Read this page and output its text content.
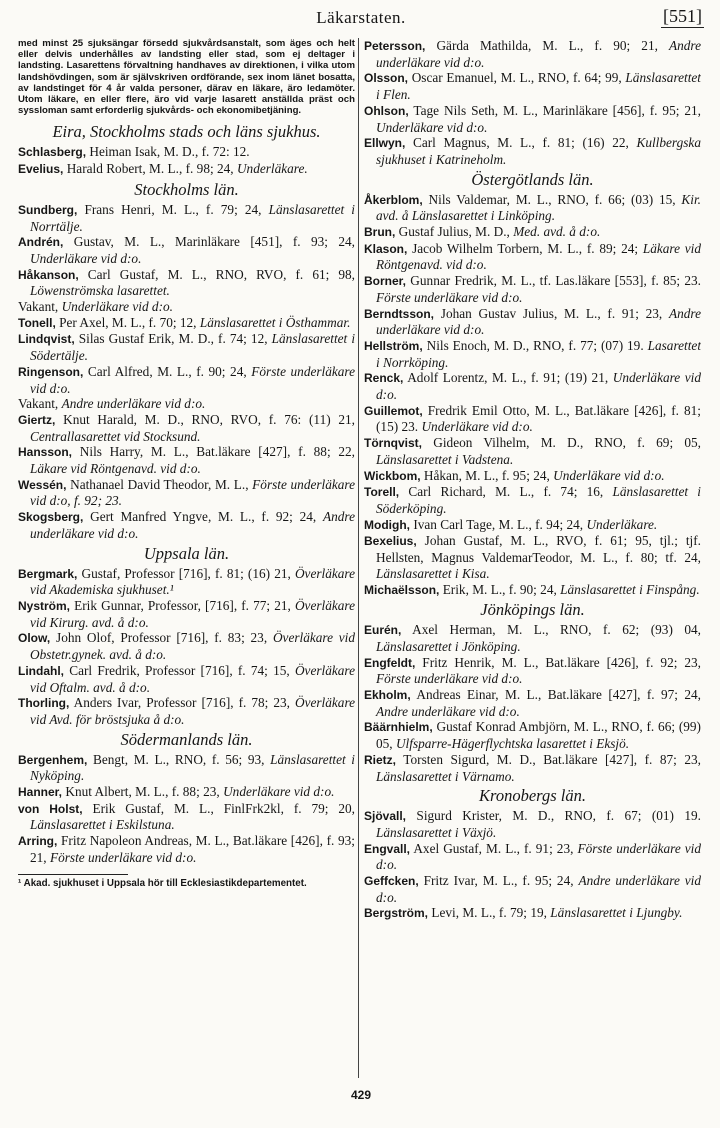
Läkarstaten.	[551]

med minst 25 sjuksängar försedd sjukvårdsanstalt, som äges och helt eller delvis underhålles av landsting eller stad, som ej deltager i landsting. Lasarettens förvaltning handhaves av direktionen, i vilka utom landshövdingen, som är självskriven ordförande, sex inom länet bosatta, av landstinget för 4 år valda personer, därav en läkare, äro ledamöter. Utom läkare, en eller flere, äro vid varje lasarett anställda präst och syssloman samt erforderlig sjukvårds- och ekonomibetjäning.

Eira, Stockholms stads och läns sjukhus.

Schlasberg, Heiman Isak, M. D., f. 72: 12.

Evelius, Harald Robert, M. L., f. 98; 24, Underläkare.

Stockholms län.

Sundberg, Frans Henri, M. L., f. 79; 24, Länslasarettet i Norrtälje.

Andrén, Gustav, M. L., Marinläkare [451], f. 93; 24, Underläkare vid d:o.

Håkanson, Carl Gustaf, M. L., RNO, RVO, f. 61; 98, Löwenströmska lasarettet.

Vakant, Underläkare vid d:o.

Tonell, Per Axel, M. L., f. 70; 12, Länslasarettet i Östhammar.

Lindqvist, Silas Gustaf Erik, M. D., f. 74; 12, Länslasarettet i Södertälje.

Ringenson, Carl Alfred, M. L., f. 90; 24, Förste underläkare vid d:o.

Vakant, Andre underläkare vid d:o.

Giertz, Knut Harald, M. D., RNO, RVO, f. 76: (11) 21, Centrallasarettet vid Stocksund.

Hansson, Nils Harry, M. L., Bat.läkare [427], f. 88; 22, Läkare vid Röntgenavd. vid d:o.

Wessén, Nathanael David Theodor, M. L., Förste underläkare vid d:o, f. 92; 23.

Skogsberg, Gert Manfred Yngve, M. L., f. 92; 24, Andre underläkare vid d:o.

Uppsala län.

Bergmark, Gustaf, Professor [716], f. 81; (16) 21, Överläkare vid Akademiska sjukhuset.¹

Nyström, Erik Gunnar, Professor, [716], f. 77; 21, Överläkare vid Kirurg. avd. å d:o.

Olow, John Olof, Professor [716], f. 83; 23, Överläkare vid Obstetr.gynek. avd. å d:o.

Lindahl, Carl Fredrik, Professor [716], f. 74; 15, Överläkare vid Oftalm. avd. å d:o.

Thorling, Anders Ivar, Professor [716], f. 78; 23, Överläkare vid Avd. för bröstsjuka å d:o.

Södermanlands län.

Bergenhem, Bengt, M. L., RNO, f. 56; 93, Länslasarettet i Nyköping.

Hanner, Knut Albert, M. L., f. 88; 23, Underläkare vid d:o.

von Holst, Erik Gustaf, M. L., FinlFrk2kl, f. 79; 20, Länslasarettet i Eskilstuna.

Arring, Fritz Napoleon Andreas, M. L., Bat.läkare [426], f. 93; 21, Förste underläkare vid d:o.

¹ Akad. sjukhuset i Uppsala hör till Ecklesiastikdepartementet.

Petersson, Gärda Mathilda, M. L., f. 90; 21, Andre underläkare vid d:o.

Olsson, Oscar Emanuel, M. L., RNO, f. 64; 99, Länslasarettet i Flen.

Ohlson, Tage Nils Seth, M. L., Marinläkare [456], f. 95; 21, Underläkare vid d:o.

Ellwyn, Carl Magnus, M. L., f. 81; (16) 22, Kullbergska sjukhuset i Katrineholm.

Östergötlands län.

Åkerblom, Nils Valdemar, M. L., RNO, f. 66; (03) 15, Kir. avd. å Länslasarettet i Linköping.

Brun, Gustaf Julius, M. D., Med. avd. å d:o.

Klason, Jacob Wilhelm Torbern, M. L., f. 89; 24; Läkare vid Röntgenavd. vid d:o.

Borner, Gunnar Fredrik, M. L., tf. Las.läkare [553], f. 85; 23. Förste underläkare vid d:o.

Berndtsson, Johan Gustav Julius, M. L., f. 91; 23, Andre underläkare vid d:o.

Hellström, Nils Enoch, M. D., RNO, f. 77; (07) 19. Lasarettet i Norrköping.

Renck, Adolf Lorentz, M. L., f. 91; (19) 21, Underläkare vid d:o.

Guillemot, Fredrik Emil Otto, M. L., Bat.läkare [426], f. 81; (15) 23. Underläkare vid d:o.

Törnqvist, Gideon Vilhelm, M. D., RNO, f. 69; 05, Länslasarettet i Vadstena.

Wickbom, Håkan, M. L., f. 95; 24, Underläkare vid d:o.

Torell, Carl Richard, M. L., f. 74; 16, Länslasarettet i Söderköping.

Modigh, Ivan Carl Tage, M. L., f. 94; 24, Underläkare.

Bexelius, Johan Gustaf, M. L., RVO, f. 61; 95, tjl.; tjf. Hellsten, Magnus ValdemarTeodor, M. L., f. 80; tf. 24, Länslasarettet i Kisa.

Michaëlsson, Erik, M. L., f. 90; 24, Länslasarettet i Finspång.

Jönköpings län.

Eurén, Axel Herman, M. L., RNO, f. 62; (93) 04, Länslasarettet i Jönköping.

Engfeldt, Fritz Henrik, M. L., Bat.läkare [426], f. 92; 23, Förste underläkare vid d:o.

Ekholm, Andreas Einar, M. L., Bat.läkare [427], f. 97; 24, Andre underläkare vid d:o.

Bäärnhielm, Gustaf Konrad Ambjörn, M. L., RNO, f. 66; (99) 05, Ulfsparre-Hägerflychtska lasarettet i Eksjö.

Rietz, Torsten Sigurd, M. D., Bat.läkare [427], f. 87; 23, Länslasarettet i Värnamo.

Kronobergs län.

Sjövall, Sigurd Krister, M. D., RNO, f. 67; (01) 19. Länslasarettet i Växjö.

Engvall, Axel Gustaf, M. L., f. 91; 23, Förste underläkare vid d:o.

Geffcken, Fritz Ivar, M. L., f. 95; 24, Andre underläkare vid d:o.

Bergström, Levi, M. L., f. 79; 19, Länslasarettet i Ljungby.

429
